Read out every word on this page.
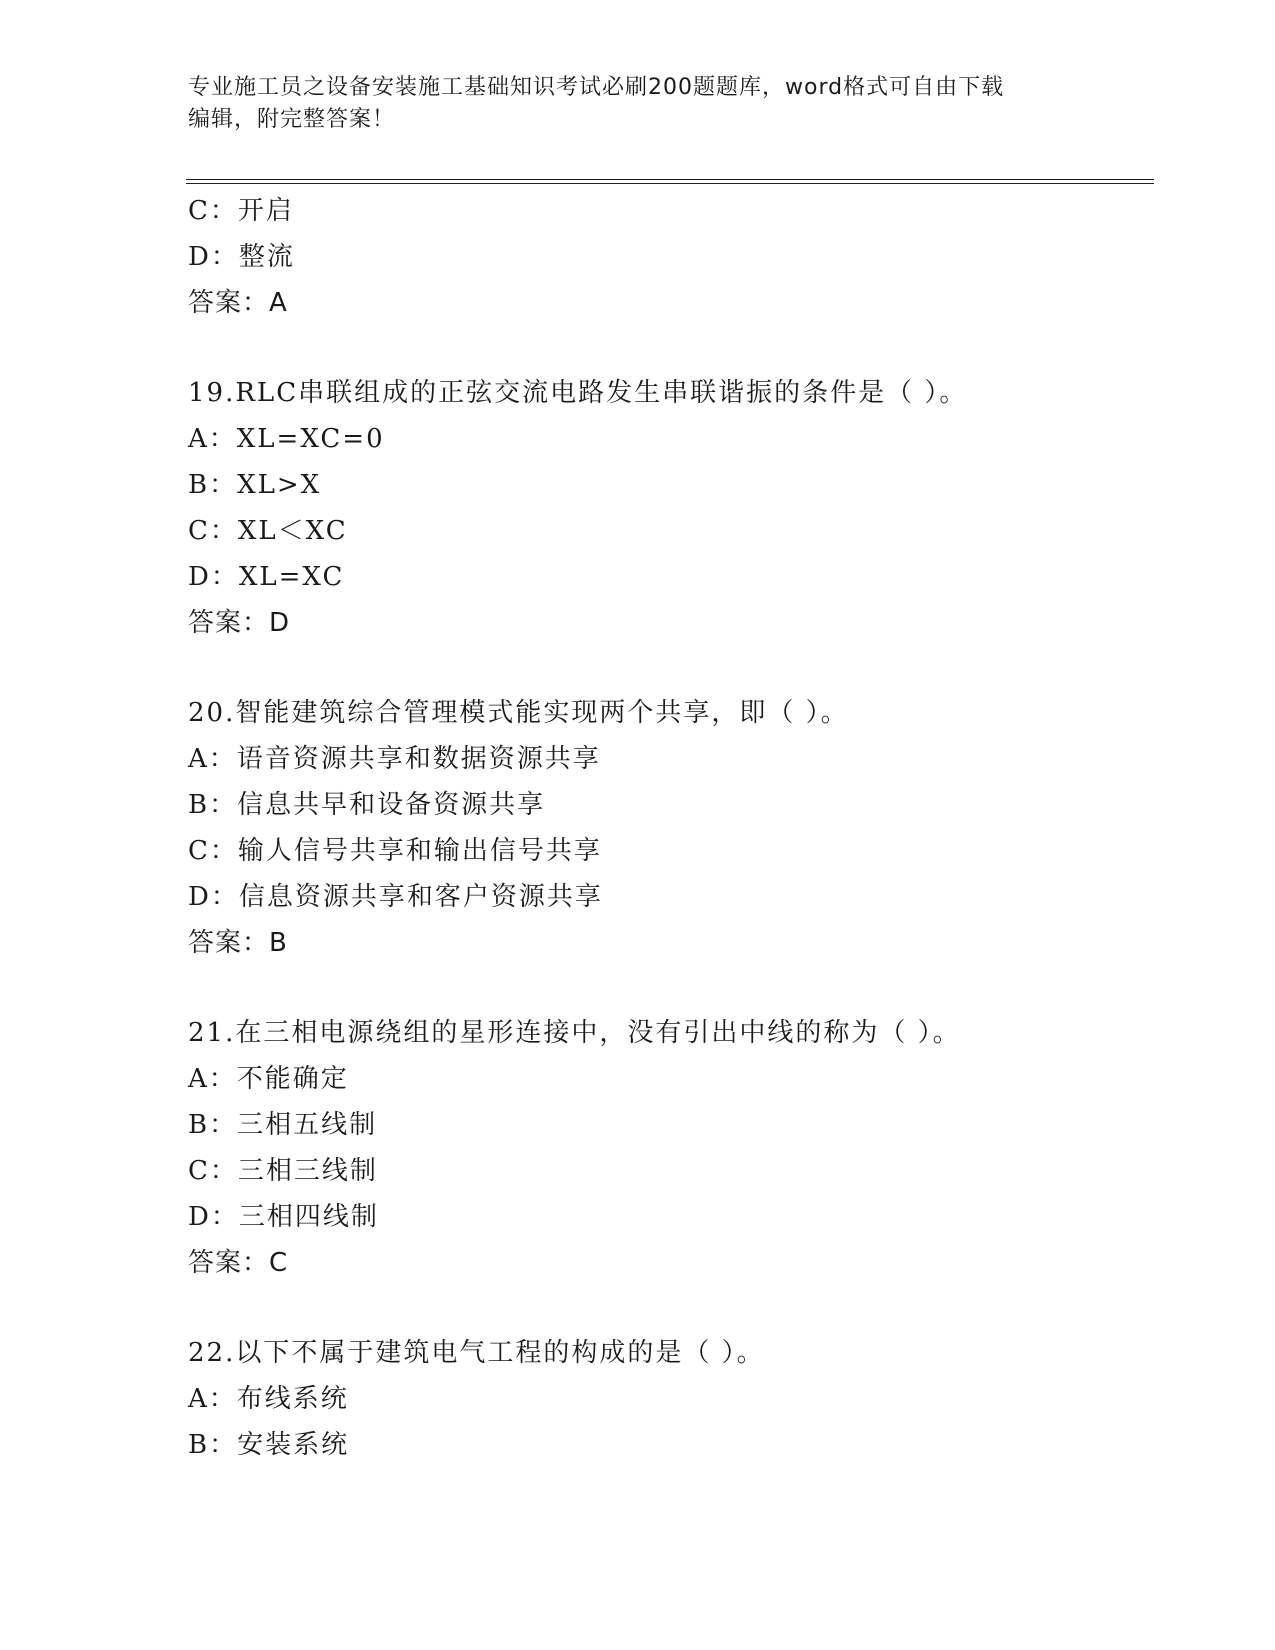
专业施工员之设备安装施工基础知识考试必刷200题题库，word格式可自由下载
编辑，附完整答案！
C：开启
D：整流
答案：A
19.RLC串联组成的正弦交流电路发生串联谐振的条件是（ ）。
A：XL=XC=0
B：XL>X
C：XL＜XC
D：XL=XC
答案：D
20.智能建筑综合管理模式能实现两个共享，即（ ）。
A：语音资源共享和数据资源共享
B：信息共早和设备资源共享
C：输人信号共享和输出信号共享
D：信息资源共享和客户资源共享
答案：B
21.在三相电源绕组的星形连接中，没有引出中线的称为（ ）。
A：不能确定
B：三相五线制
C：三相三线制
D：三相四线制
答案：C
22.以下不属于建筑电气工程的构成的是（ ）。
A：布线系统
B：安装系统
